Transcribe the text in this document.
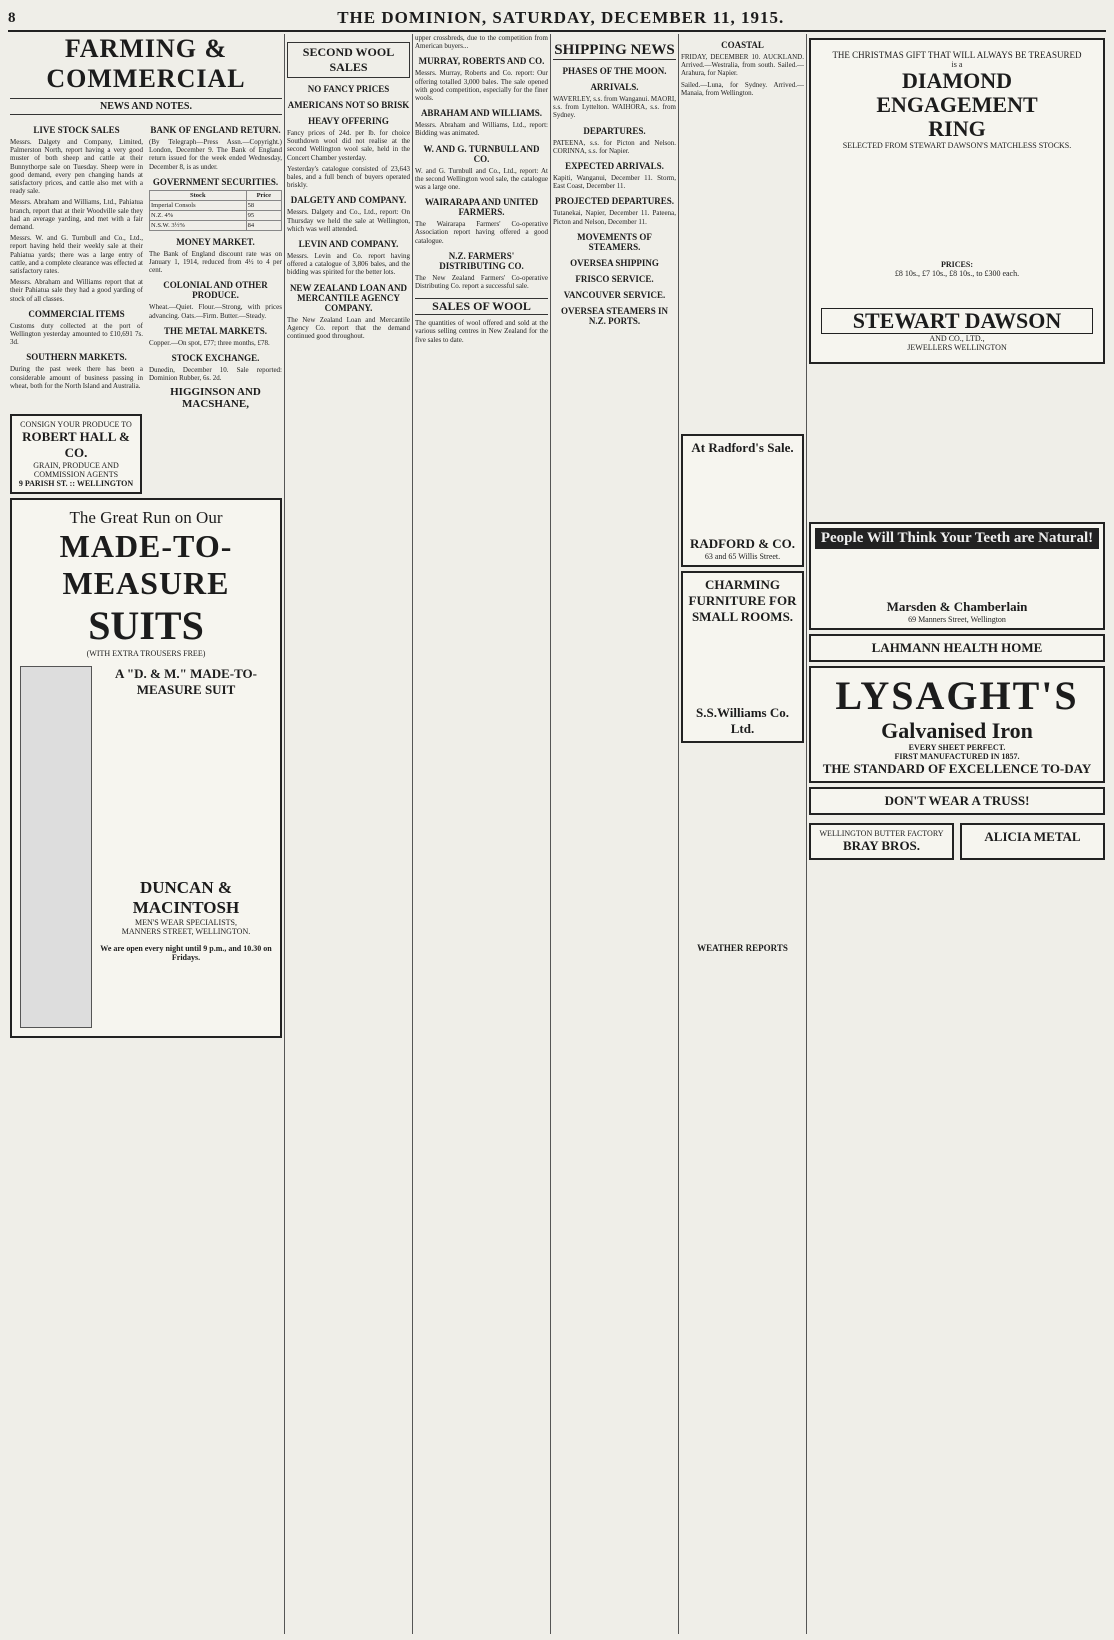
8	THE DOMINION, SATURDAY, DECEMBER 11, 1915.
FARMING & COMMERCIAL
NEWS AND NOTES.
LIVE STOCK SALES

Messrs. Dalgety and Company, Limited, Palmerston North, report having a very good muster of both sheep and cattle at their Bunnythorpe sale on Tuesday. Sheep were in good demand, every pen changing hands at satisfactory prices, and cattle also met with a ready sale.

Messrs. Abraham and Williams, Ltd., Pahiatua branch, report that at their Woodville sale they had an average yarding, and met with a fair demand.

Messrs. W. and G. Turnbull and Co., Ltd., report having held their weekly sale at their Pahiatua yards; there was a large entry of cattle, and a complete clearance was effected at satisfactory rates.

Messrs. Abraham and Williams report that at their Pahiatua sale they had a good yarding of stock of all classes.

COMMERCIAL ITEMS

Customs duty collected at the port of Wellington yesterday amounted to £10,691 7s. 3d.

SOUTHERN MARKETS.

During the past week there has been a considerable amount of business passing in wheat, both for the North Island and Australia.

BANK OF ENGLAND RETURN.

(By Telegraph—Press Assn.—Copyright.) London, December 9. The Bank of England return issued for the week ended Wednesday, December 8, is as under.

GOVERNMENT SECURITIES.
Stock	Price
Imperial Consols	58
N.Z. 4%	95
N.S.W. 3½%	84
MONEY MARKET.

The Bank of England discount rate was on January 1, 1914, reduced from 4½ to 4 per cent.

COLONIAL AND OTHER PRODUCE.

Wheat.—Quiet. Flour.—Strong, with prices advancing. Oats.—Firm. Butter.—Steady.

THE METAL MARKETS.

Copper.—On spot, £77; three months, £78.

STOCK EXCHANGE.

Dunedin, December 10. Sale reported: Dominion Rubber, 6s. 2d.

HIGGINSON AND MACSHANE,
CONSIGN YOUR PRODUCE TO
ROBERT HALL & CO.
GRAIN, PRODUCE AND COMMISSION AGENTS
9 PARISH ST. :: WELLINGTON
The Great Run on Our
MADE-TO-MEASURE
SUITS
(WITH EXTRA TROUSERS FREE)
A "D. & M." MADE-TO-MEASURE SUIT
DUNCAN & MACINTOSH
MEN'S WEAR SPECIALISTS,
MANNERS STREET, WELLINGTON.
We are open every night until 9 p.m., and 10.30 on Fridays.
SECOND WOOL SALES
NO FANCY PRICES
AMERICANS NOT SO BRISK
HEAVY OFFERING

Fancy prices of 24d. per lb. for choice Southdown wool did not realise at the second Wellington wool sale, held in the Concert Chamber yesterday.

Yesterday's catalogue consisted of 23,643 bales, and a full bench of buyers operated briskly.

DALGETY AND COMPANY.

Messrs. Dalgety and Co., Ltd., report: On Thursday we held the sale at Wellington, which was well attended.

LEVIN AND COMPANY.

Messrs. Levin and Co. report having offered a catalogue of 3,806 bales, and the bidding was spirited for the better lots.

NEW ZEALAND LOAN AND MERCANTILE AGENCY COMPANY.

The New Zealand Loan and Mercantile Agency Co. report that the demand continued good throughout.

upper crossbreds, due to the competition from American buyers...

MURRAY, ROBERTS AND CO.

Messrs. Murray, Roberts and Co. report: Our offering totalled 3,000 bales. The sale opened with good competition, especially for the finer wools.

ABRAHAM AND WILLIAMS.

Messrs. Abraham and Williams, Ltd., report: Bidding was animated.

W. AND G. TURNBULL AND CO.

W. and G. Turnbull and Co., Ltd., report: At the second Wellington wool sale, the catalogue was a large one.

WAIRARAPA AND UNITED FARMERS.

The Wairarapa Farmers' Co-operative Association report having offered a good catalogue.

N.Z. FARMERS' DISTRIBUTING CO.

The New Zealand Farmers' Co-operative Distributing Co. report a successful sale.

SALES OF WOOL

The quantities of wool offered and sold at the various selling centres in New Zealand for the five sales to date.

SHIPPING NEWS
PHASES OF THE MOON.
ARRIVALS.

WAVERLEY, s.s. from Wanganui. MAORI, s.s. from Lyttelton. WAIHORA, s.s. from Sydney.

DEPARTURES.

PATEENA, s.s. for Picton and Nelson. CORINNA, s.s. for Napier.

EXPECTED ARRIVALS.

Kapiti, Wanganui, December 11. Storm, East Coast, December 11.

PROJECTED DEPARTURES.

Tutanekai, Napier, December 11. Pateena, Picton and Nelson, December 11.

MOVEMENTS OF STEAMERS.
OVERSEA SHIPPING
FRISCO SERVICE.
VANCOUVER SERVICE.
OVERSEA STEAMERS IN N.Z. PORTS.
COASTAL

FRIDAY, DECEMBER 10. AUCKLAND. Arrived.—Westralia, from south. Sailed.—Arahura, for Napier.

Sailed.—Luna, for Sydney. Arrived.—Manaia, from Wellington.

At Radford's Sale.
RADFORD & CO.
63 and 65 Willis Street.
CHARMING FURNITURE FOR SMALL ROOMS.
S.S.Williams Co. Ltd.
WEATHER REPORTS
THE CHRISTMAS GIFT THAT WILL ALWAYS BE TREASURED
is a
DIAMOND
ENGAGEMENT
RING
SELECTED FROM STEWART DAWSON'S MATCHLESS STOCKS.
PRICES:
£8 10s., £7 10s., £8 10s., to £300 each.
STEWART DAWSON
AND CO., LTD.,
JEWELLERS WELLINGTON
People Will Think Your Teeth are Natural!
Marsden & Chamberlain
69 Manners Street, Wellington
LAHMANN HEALTH HOME
LYSAGHT'S
Galvanised Iron
EVERY SHEET PERFECT.
FIRST MANUFACTURED IN 1857.
THE STANDARD OF EXCELLENCE TO-DAY
DON'T WEAR A TRUSS!
WELLINGTON BUTTER FACTORY
BRAY BROS.
ALICIA METAL
